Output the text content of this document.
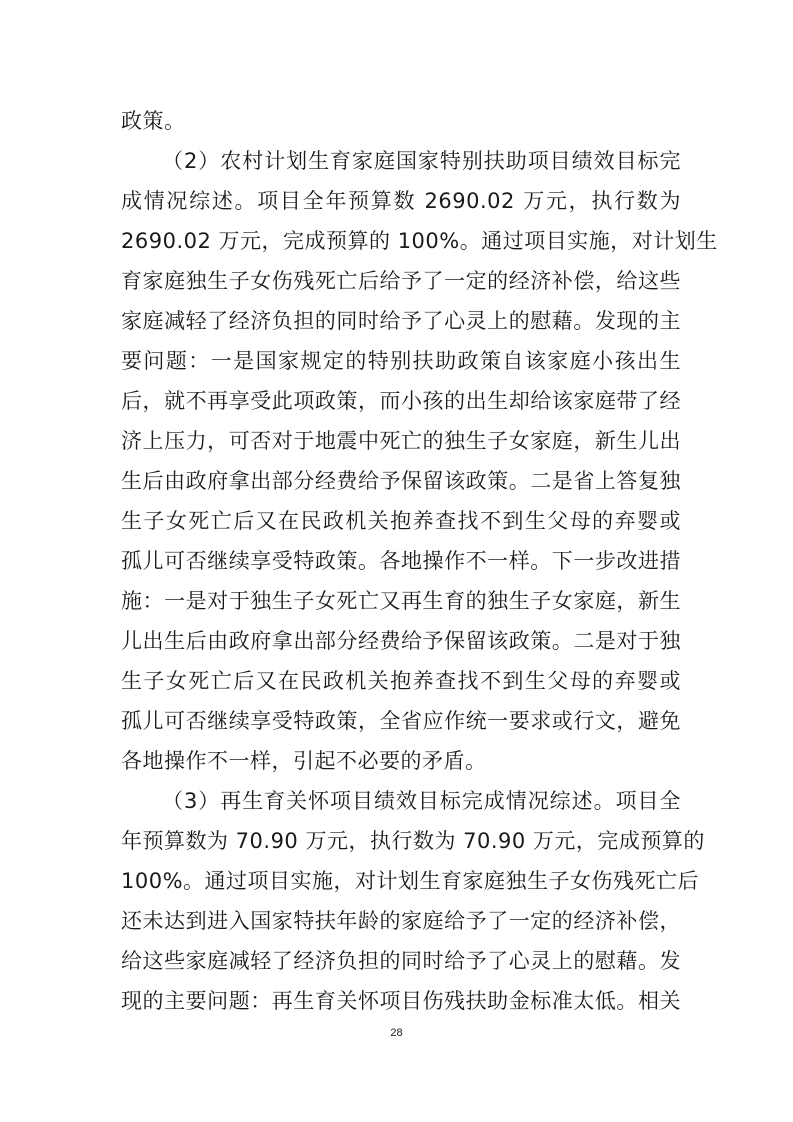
政策。
（2）农村计划生育家庭国家特别扶助项目绩效目标完
成情况综述。项目全年预算数 2690.02 万元，执行数为
2690.02 万元，完成预算的 100%。通过项目实施，对计划生
育家庭独生子女伤残死亡后给予了一定的经济补偿，给这些
家庭减轻了经济负担的同时给予了心灵上的慰藉。发现的主
要问题：一是国家规定的特别扶助政策自该家庭小孩出生
后，就不再享受此项政策，而小孩的出生却给该家庭带了经
济上压力，可否对于地震中死亡的独生子女家庭，新生儿出
生后由政府拿出部分经费给予保留该政策。二是省上答复独
生子女死亡后又在民政机关抱养查找不到生父母的弃婴或
孤儿可否继续享受特政策。各地操作不一样。下一步改进措
施：一是对于独生子女死亡又再生育的独生子女家庭，新生
儿出生后由政府拿出部分经费给予保留该政策。二是对于独
生子女死亡后又在民政机关抱养查找不到生父母的弃婴或
孤儿可否继续享受特政策，全省应作统一要求或行文，避免
各地操作不一样，引起不必要的矛盾。
（3）再生育关怀项目绩效目标完成情况综述。项目全
年预算数为 70.90 万元，执行数为 70.90 万元，完成预算的
100%。通过项目实施，对计划生育家庭独生子女伤残死亡后
还未达到进入国家特扶年龄的家庭给予了一定的经济补偿，
给这些家庭减轻了经济负担的同时给予了心灵上的慰藉。发
现的主要问题：再生育关怀项目伤残扶助金标准太低。相关
28
